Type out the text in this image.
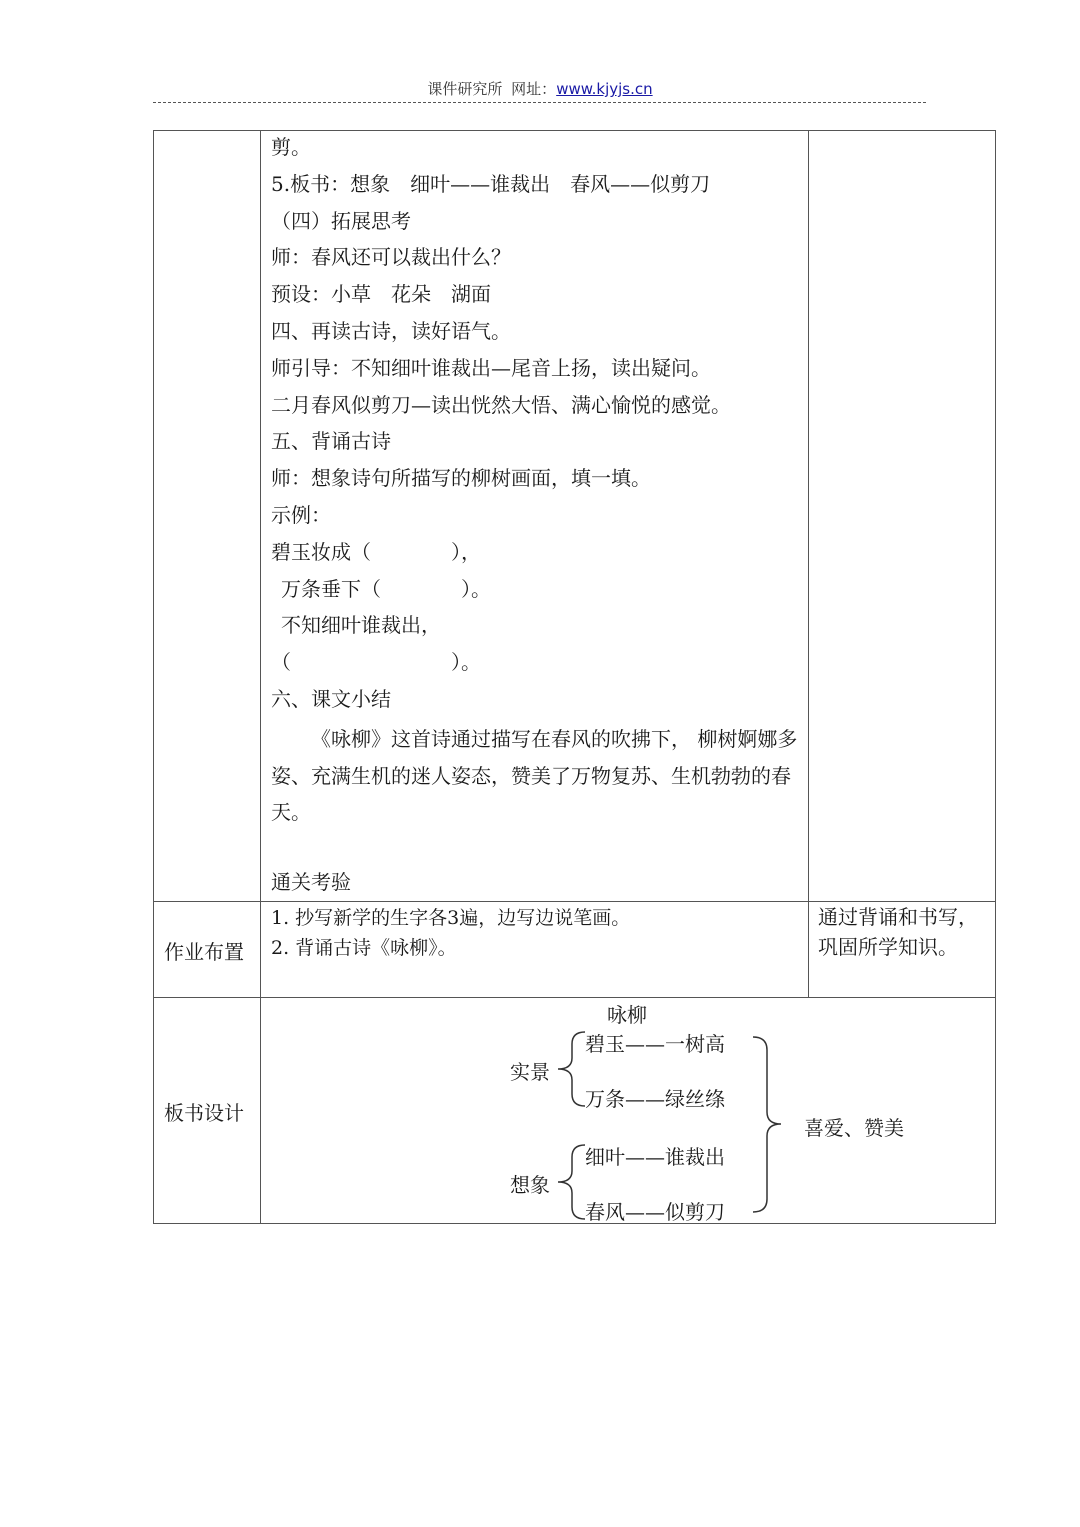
课件研究所 网址：www.kjyjs.cn
剪。
5.板书：想象　细叶——谁裁出　春风——似剪刀
（四）拓展思考
师：春风还可以裁出什么？
预设：小草　花朵　湖面
四、再读古诗，读好语气。
师引导：不知细叶谁裁出—尾音上扬，读出疑问。
二月春风似剪刀—读出恍然大悟、满心愉悦的感觉。
五、背诵古诗
师：想象诗句所描写的柳树画面，填一填。
示例：
碧玉妆成（　　　　），
万条垂下（　　　　）。
不知细叶谁裁出，
（　　　　　　　　）。
六、课文小结
《咏柳》这首诗通过描写在春风的吹拂下， 柳树婀娜多姿、充满生机的迷人姿态，赞美了万物复苏、生机勃勃的春天。
通关考验
作业布置
1. 抄写新学的生字各3遍，边写边说笔画。
2. 背诵古诗《咏柳》。
通过背诵和书写，巩固所学知识。
板书设计
咏柳
实景
碧玉——一树高
万条——绿丝绦
想象
细叶——谁裁出
春风——似剪刀
喜爱、赞美
